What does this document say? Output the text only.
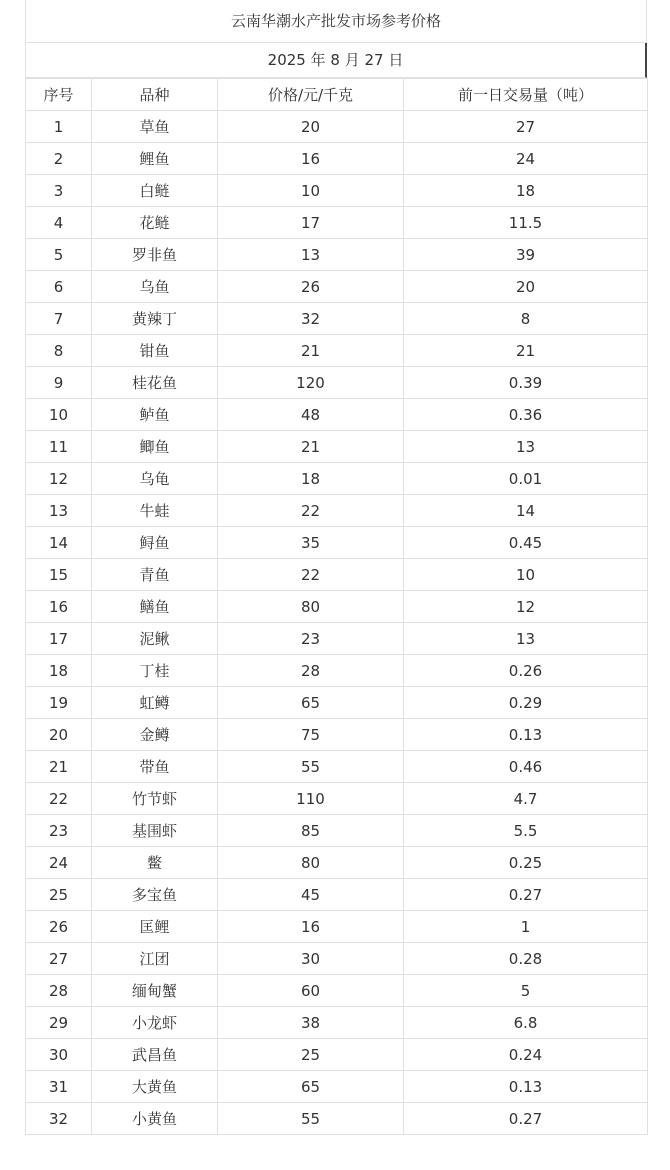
云南华潮水产批发市场参考价格
2025 年 8 月 27 日
序号	品种	价格/元/千克	前一日交易量（吨）
1	草鱼	20	27
2	鲤鱼	16	24
3	白鲢	10	18
4	花鲢	17	11.5
5	罗非鱼	13	39
6	乌鱼	26	20
7	黄辣丁	32	8
8	钳鱼	21	21
9	桂花鱼	120	0.39
10	鲈鱼	48	0.36
11	鲫鱼	21	13
12	乌龟	18	0.01
13	牛蛙	22	14
14	鲟鱼	35	0.45
15	青鱼	22	10
16	鳝鱼	80	12
17	泥鳅	23	13
18	丁桂	28	0.26
19	虹鳟	65	0.29
20	金鳟	75	0.13
21	带鱼	55	0.46
22	竹节虾	110	4.7
23	基围虾	85	5.5
24	鳖	80	0.25
25	多宝鱼	45	0.27
26	匡鲤	16	1
27	江团	30	0.28
28	缅甸蟹	60	5
29	小龙虾	38	6.8
30	武昌鱼	25	0.24
31	大黄鱼	65	0.13
32	小黄鱼	55	0.27
